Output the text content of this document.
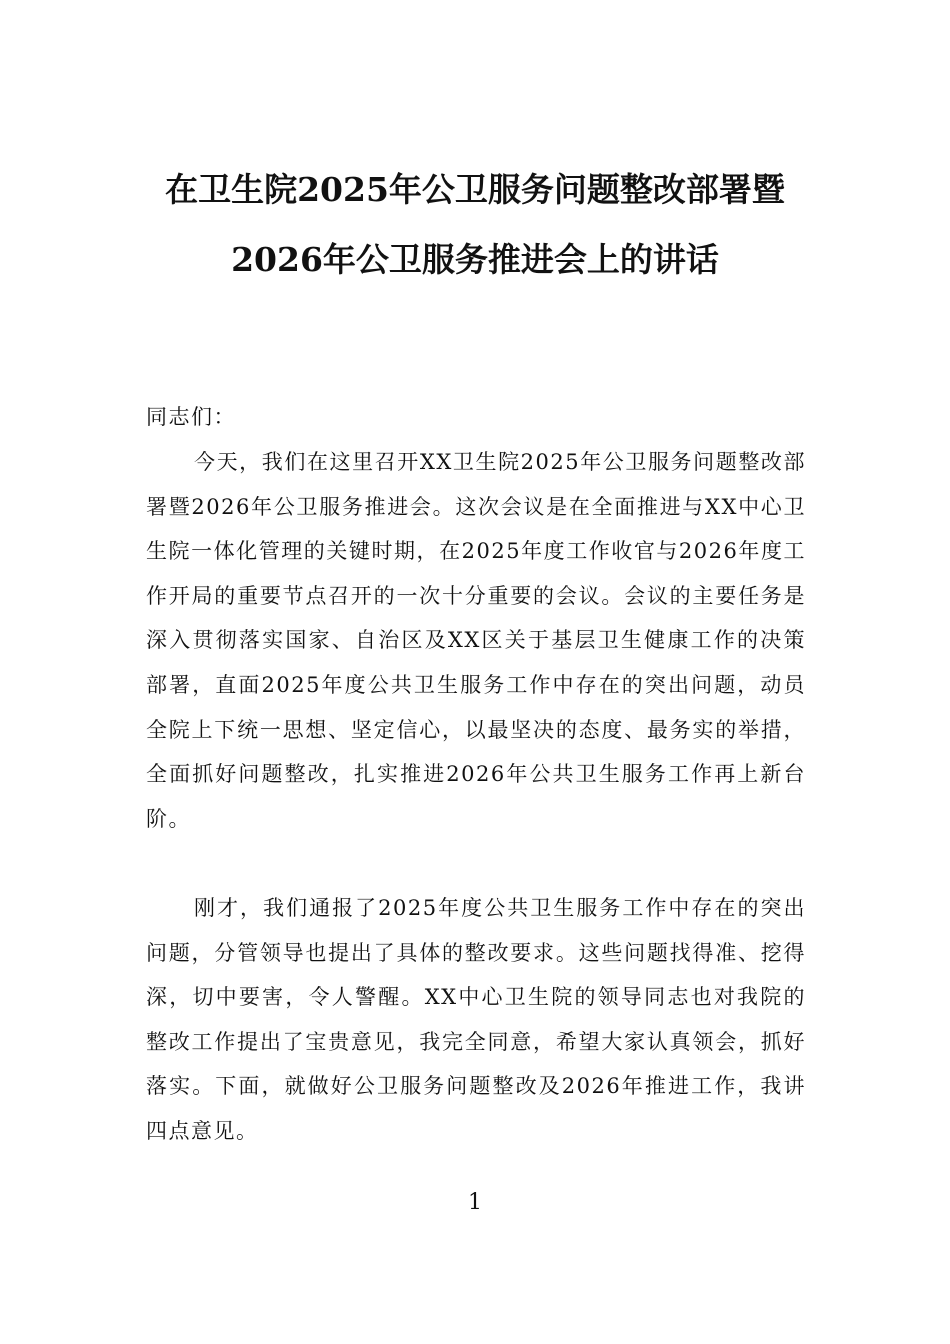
在卫生院2025年公卫服务问题整改部署暨
2026年公卫服务推进会上的讲话
同志们：
今天，我们在这里召开XX卫生院2025年公卫服务问题整改部署暨2026年公卫服务推进会。这次会议是在全面推进与XX中心卫生院一体化管理的关键时期，在2025年度工作收官与2026年度工作开局的重要节点召开的一次十分重要的会议。会议的主要任务是深入贯彻落实国家、自治区及XX区关于基层卫生健康工作的决策部署，直面2025年度公共卫生服务工作中存在的突出问题，动员全院上下统一思想、坚定信心，以最坚决的态度、最务实的举措，全面抓好问题整改，扎实推进2026年公共卫生服务工作再上新台阶。
刚才，我们通报了2025年度公共卫生服务工作中存在的突出问题，分管领导也提出了具体的整改要求。这些问题找得准、挖得深，切中要害，令人警醒。XX中心卫生院的领导同志也对我院的整改工作提出了宝贵意见，我完全同意，希望大家认真领会，抓好落实。下面，就做好公卫服务问题整改及2026年推进工作，我讲四点意见。
1
